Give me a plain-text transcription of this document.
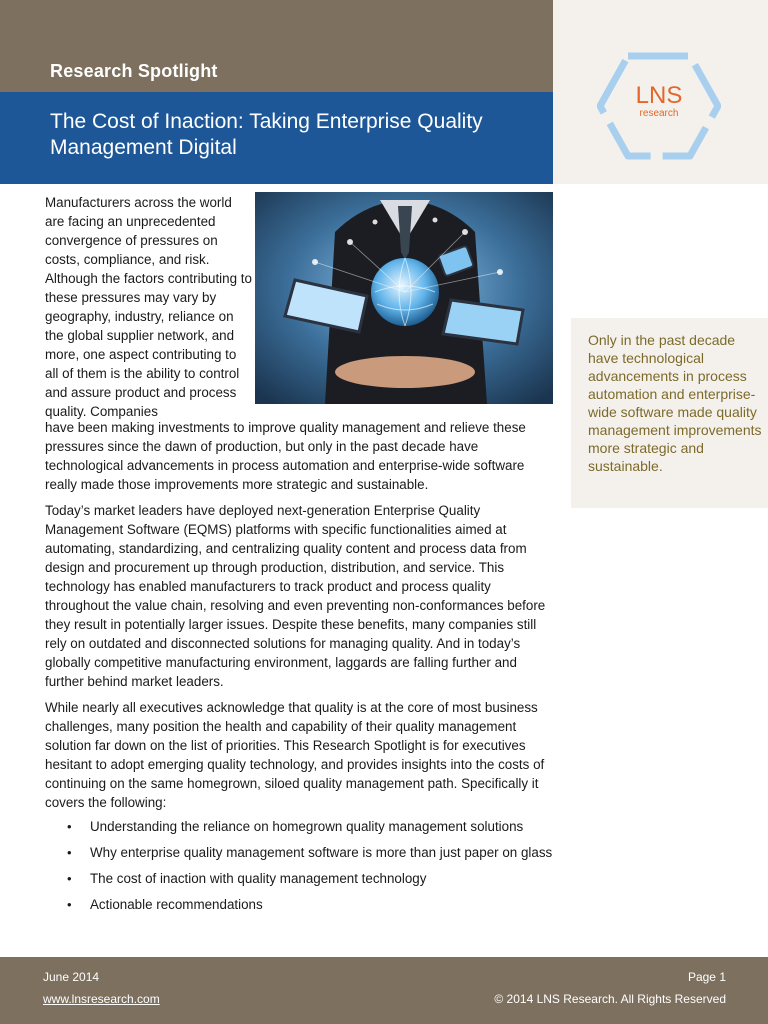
Research Spotlight
The Cost of Inaction: Taking Enterprise Quality Management Digital
LNS
research
Manufacturers across the world are facing an unprecedented convergence of pressures on costs, compliance, and risk. Although the factors contributing to these pressures may vary by geography, industry, reliance on the global supplier network, and more, one aspect contributing to all of them is the ability to control and assure product and process quality. Companies
have been making investments to improve quality management and relieve these pressures since the dawn of production, but only in the past decade have technological advancements in process automation and enterprise-wide software really made those improvements more strategic and sustainable.
Today’s market leaders have deployed next-generation Enterprise Quality Management Software (EQMS) platforms with specific functionalities aimed at automating, standardizing, and centralizing quality content and process data from design and procurement up through production, distribution, and service. This technology has enabled manufacturers to track product and process quality throughout the value chain, resolving and even preventing non-conformances before they result in potentially larger issues. Despite these benefits, many companies still rely on outdated and disconnected solutions for managing quality. And in today’s globally competitive manufacturing environment, laggards are falling further and further behind market leaders.
While nearly all executives acknowledge that quality is at the core of most business challenges, many position the health and capability of their quality management solution far down on the list of priorities. This Research Spotlight is for executives hesitant to adopt emerging quality technology, and provides insights into the costs of continuing on the same homegrown, siloed quality management path. Specifically it covers the following:
• Understanding the reliance on homegrown quality management solutions
• Why enterprise quality management software is more than just paper on glass
• The cost of inaction with quality management technology
• Actionable recommendations
Only in the past decade have technological advancements in process automation and enterprise-wide software made quality management improvements more strategic and sustainable.
June 2014
www.lnsresearch.com
Page 1
© 2014 LNS Research. All Rights Reserved
